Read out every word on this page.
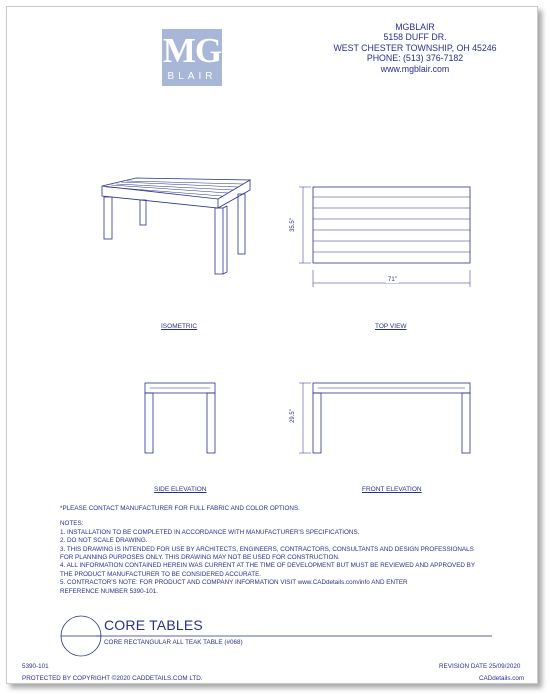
MG
BLAIR
MGBLAIR
5158 DUFF DR.
WEST CHESTER TOWNSHIP, OH 45246
PHONE: (513) 376-7182
www.mgblair.com
ISOMETRIC	TOP VIEW
SIDE ELEVATION	FRONT ELEVATION
35.5"
71"
29.5"
*PLEASE CONTACT MANUFACTURER FOR FULL FABRIC AND COLOR OPTIONS.
NOTES:
1. INSTALLATION TO BE COMPLETED IN ACCORDANCE WITH MANUFACTURER'S SPECIFICATIONS.
2. DO NOT SCALE DRAWING.
3. THIS DRAWING IS INTENDED FOR USE BY ARCHITECTS, ENGINEERS, CONTRACTORS, CONSULTANTS AND DESIGN PROFESSIONALS
FOR PLANNING PURPOSES ONLY. THIS DRAWING MAY NOT BE USED FOR CONSTRUCTION.
4. ALL INFORMATION CONTAINED HEREIN WAS CURRENT AT THE TIME OF DEVELOPMENT BUT MUST BE REVIEWED AND APPROVED BY
THE PRODUCT MANUFACTURER TO BE CONSIDERED ACCURATE.
5. CONTRACTOR'S NOTE: FOR PRODUCT AND COMPANY INFORMATION VISIT www.CADdetails.com/info AND ENTER
REFERENCE NUMBER 5390-101.
CORE TABLES
CORE RECTANGULAR ALL TEAK TABLE (#068)
5390-101	REVISION DATE 25/09/2020
PROTECTED BY COPYRIGHT ©2020 CADDETAILS.COM LTD.	CADdetails.com
